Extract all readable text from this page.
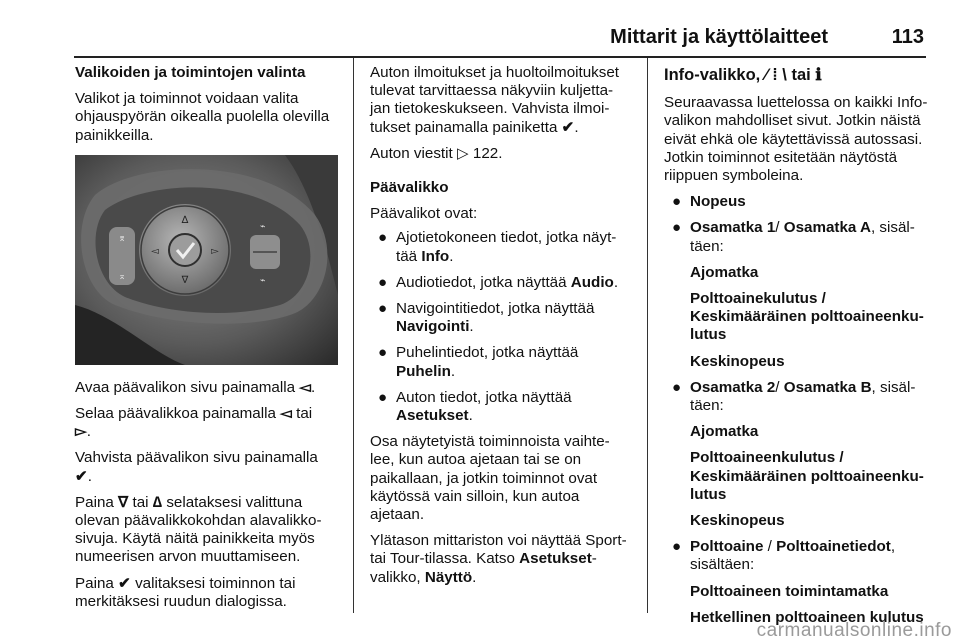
Mittarit ja käyttölaitteet	113

Valikoiden ja toimintojen valinta

Valikot ja toiminnot voidaan valita ohjauspyörän oikealla puolella olevilla painikkeilla.

⌆
⌅
∆
∇
◅	▻
⌁
⌁

Avaa päävalikon sivu painamalla ◅.

Selaa päävalikkoa painamalla ◅ tai
▻.

Vahvista päävalikon sivu painamalla
✔.

Paina ∇ tai ∆ selataksesi valittuna olevan päävalikkokohdan alavalikko-sivuja. Käytä näitä painikkeita myös numeerisen arvon muuttamiseen.

Paina ✔ valitaksesi toiminnon tai merkitäksesi ruudun dialogissa.

Auton ilmoitukset ja huoltoilmoitukset tulevat tarvittaessa näkyviin kuljetta-jan tietokeskukseen. Vahvista ilmoi-tukset painamalla painiketta ✔.

Auton viestit ▷ 122.

Päävalikko

Päävalikot ovat:

● Ajotietokoneen tiedot, jotka näyt-tää Info.
● Audiotiedot, jotka näyttää Audio.
● Navigointitiedot, jotka näyttää Navigointi.
● Puhelintiedot, jotka näyttää Puhelin.
● Auton tiedot, jotka näyttää Asetukset.

Osa näytetyistä toiminnoista vaihte-lee, kun autoa ajetaan tai se on paikallaan, ja jotkin toiminnot ovat käytössä vain silloin, kun autoa ajetaan.

Ylätason mittariston voi näyttää Sport- tai Tour-tilassa. Katso Asetukset-valikko, Näyttö.

Info-valikko, ⁄ ⁞ \ tai ℹ

Seuraavassa luettelossa on kaikki Info-valikon mahdolliset sivut. Jotkin näistä eivät ehkä ole käytettävissä autossasi. Jotkin toiminnot esitetään näytöstä riippuen symboleina.

● Nopeus
● Osamatka 1/ Osamatka A, sisäl-täen:

Ajomatka

Polttoainekulutus /

Keskimääräinen polttoaineenku-lutus

Keskinopeus

● Osamatka 2/ Osamatka B, sisäl-täen:

Ajomatka

Polttoaineenkulutus /

Keskimääräinen polttoaineenku-lutus

Keskinopeus

● Polttoaine / Polttoainetiedot,
sisältäen:

Polttoaineen toimintamatka

Hetkellinen polttoaineen kulutus

carmanualsonline.info
